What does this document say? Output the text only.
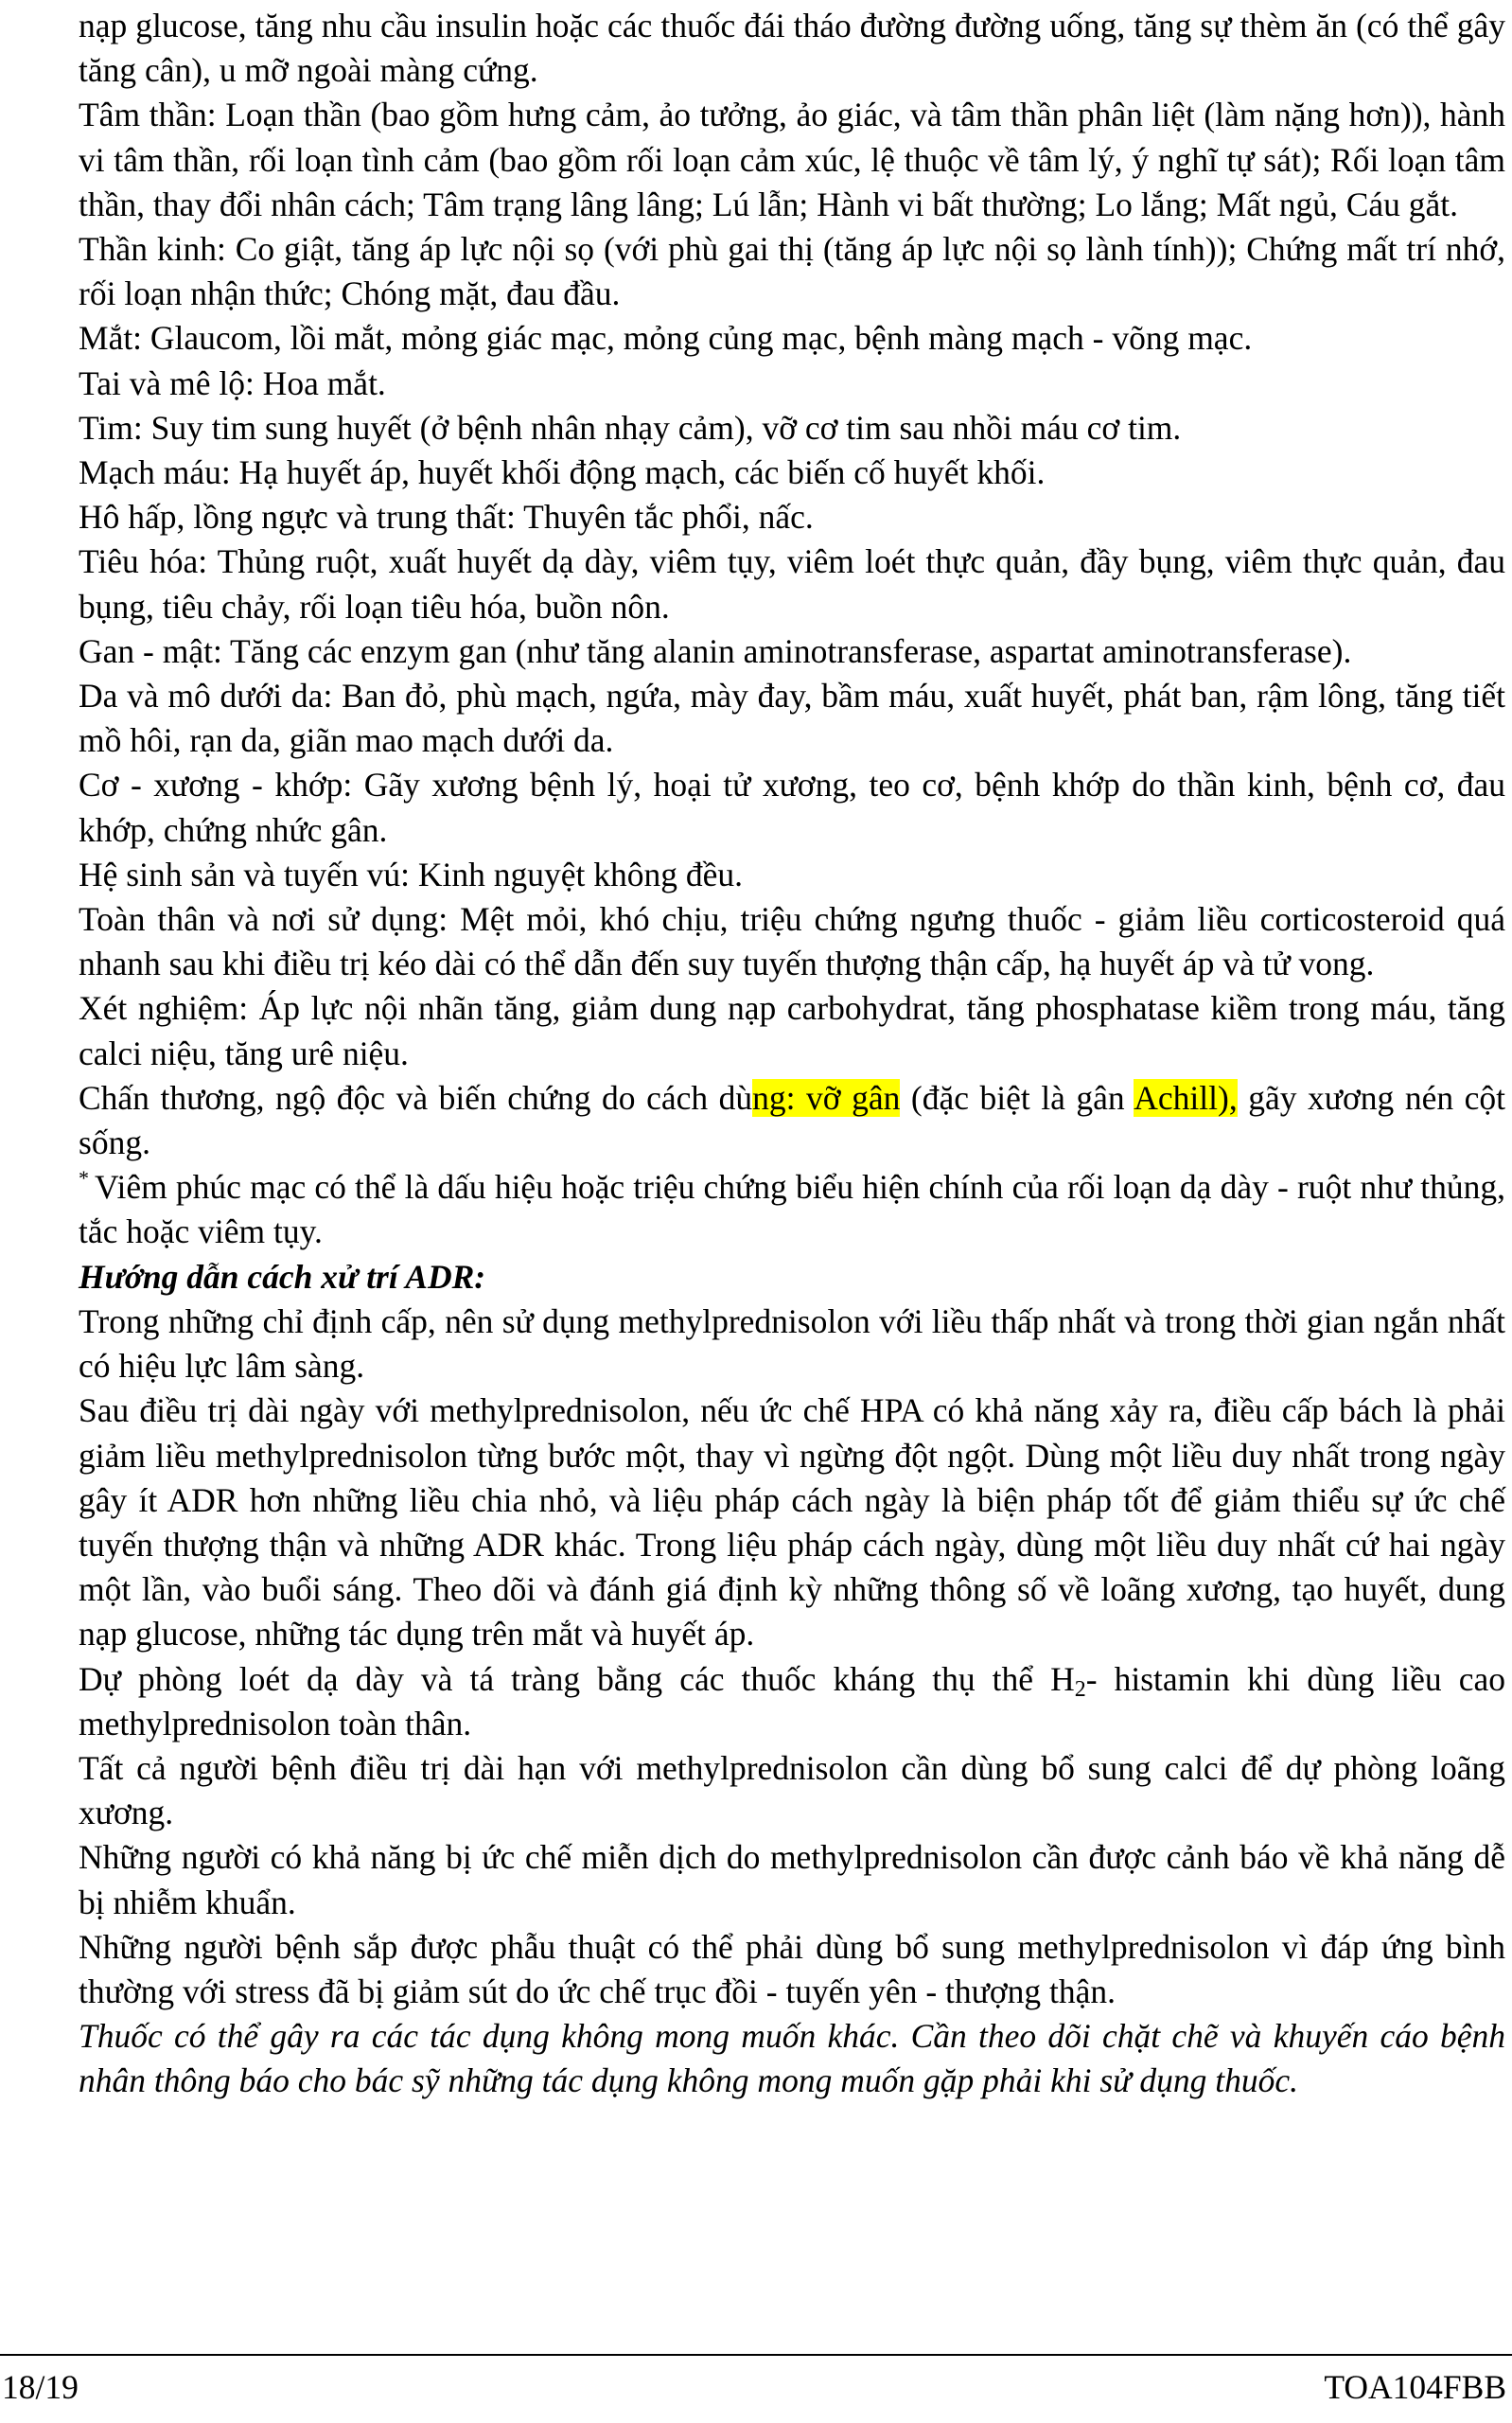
nạp glucose, tăng nhu cầu insulin hoặc các thuốc đái tháo đường đường uống, tăng sự thèm ăn (có thể gây tăng cân), u mỡ ngoài màng cứng.

Tâm thần: Loạn thần (bao gồm hưng cảm, ảo tưởng, ảo giác, và tâm thần phân liệt (làm nặng hơn)), hành vi tâm thần, rối loạn tình cảm (bao gồm rối loạn cảm xúc, lệ thuộc về tâm lý, ý nghĩ tự sát); Rối loạn tâm thần, thay đổi nhân cách; Tâm trạng lâng lâng; Lú lẫn; Hành vi bất thường; Lo lắng; Mất ngủ, Cáu gắt.

Thần kinh: Co giật, tăng áp lực nội sọ (với phù gai thị (tăng áp lực nội sọ lành tính)); Chứng mất trí nhớ, rối loạn nhận thức; Chóng mặt, đau đầu.

Mắt: Glaucom, lồi mắt, mỏng giác mạc, mỏng củng mạc, bệnh màng mạch - võng mạc.

Tai và mê lộ: Hoa mắt.

Tim: Suy tim sung huyết (ở bệnh nhân nhạy cảm), vỡ cơ tim sau nhồi máu cơ tim.

Mạch máu: Hạ huyết áp, huyết khối động mạch, các biến cố huyết khối.

Hô hấp, lồng ngực và trung thất: Thuyên tắc phổi, nấc.

Tiêu hóa: Thủng ruột, xuất huyết dạ dày, viêm tụy, viêm loét thực quản, đầy bụng, viêm thực quản, đau bụng, tiêu chảy, rối loạn tiêu hóa, buồn nôn.

Gan - mật: Tăng các enzym gan (như tăng alanin aminotransferase, aspartat aminotransferase).

Da và mô dưới da: Ban đỏ, phù mạch, ngứa, mày đay, bầm máu, xuất huyết, phát ban, rậm lông, tăng tiết mồ hôi, rạn da, giãn mao mạch dưới da.

Cơ - xương - khớp: Gãy xương bệnh lý, hoại tử xương, teo cơ, bệnh khớp do thần kinh, bệnh cơ, đau khớp, chứng nhức gân.

Hệ sinh sản và tuyến vú: Kinh nguyệt không đều.

Toàn thân và nơi sử dụng: Mệt mỏi, khó chịu, triệu chứng ngưng thuốc - giảm liều corticosteroid quá nhanh sau khi điều trị kéo dài có thể dẫn đến suy tuyến thượng thận cấp, hạ huyết áp và tử vong.

Xét nghiệm: Áp lực nội nhãn tăng, giảm dung nạp carbohydrat, tăng phosphatase kiềm trong máu, tăng calci niệu, tăng urê niệu.

Chấn thương, ngộ độc và biến chứng do cách dùng: vỡ gân (đặc biệt là gân Achill), gãy xương nén cột sống.

* Viêm phúc mạc có thể là dấu hiệu hoặc triệu chứng biểu hiện chính của rối loạn dạ dày - ruột như thủng, tắc hoặc viêm tụy.

Hướng dẫn cách xử trí ADR:

Trong những chỉ định cấp, nên sử dụng methylprednisolon với liều thấp nhất và trong thời gian ngắn nhất có hiệu lực lâm sàng.

Sau điều trị dài ngày với methylprednisolon, nếu ức chế HPA có khả năng xảy ra, điều cấp bách là phải giảm liều methylprednisolon từng bước một, thay vì ngừng đột ngột. Dùng một liều duy nhất trong ngày gây ít ADR hơn những liều chia nhỏ, và liệu pháp cách ngày là biện pháp tốt để giảm thiểu sự ức chế tuyến thượng thận và những ADR khác. Trong liệu pháp cách ngày, dùng một liều duy nhất cứ hai ngày một lần, vào buổi sáng. Theo dõi và đánh giá định kỳ những thông số về loãng xương, tạo huyết, dung nạp glucose, những tác dụng trên mắt và huyết áp.

Dự phòng loét dạ dày và tá tràng bằng các thuốc kháng thụ thể $H_2-$ histamin khi dùng liều cao methylprednisolon toàn thân.

Tất cả người bệnh điều trị dài hạn với methylprednisolon cần dùng bổ sung calci để dự phòng loãng xương.

Những người có khả năng bị ức chế miễn dịch do methylprednisolon cần được cảnh báo về khả năng dễ bị nhiễm khuẩn.

Những người bệnh sắp được phẫu thuật có thể phải dùng bổ sung methylprednisolon vì đáp ứng bình thường với stress đã bị giảm sút do ức chế trục đồi - tuyến yên - thượng thận.

Thuốc có thể gây ra các tác dụng không mong muốn khác. Cần theo dõi chặt chẽ và khuyến cáo bệnh nhân thông báo cho bác sỹ những tác dụng không mong muốn gặp phải khi sử dụng thuốc.

18/19	TOA104FBB
